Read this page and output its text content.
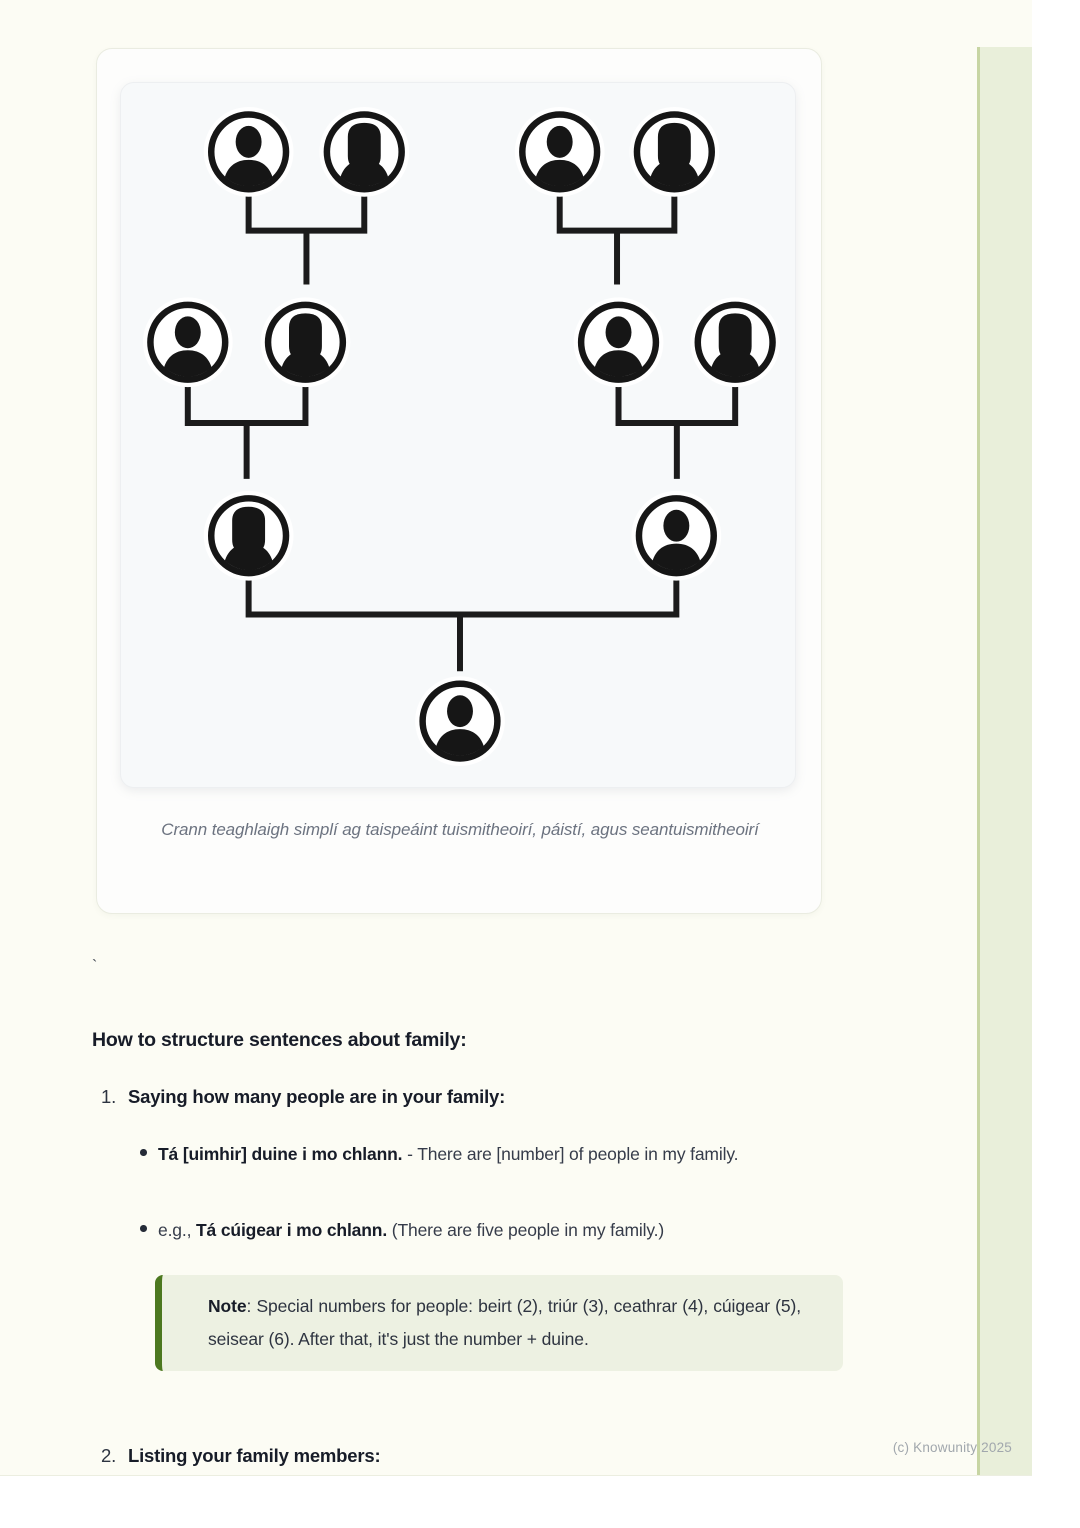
Crann teaghlaigh simplí ag taispeáint tuismitheoirí, páistí, agus seantuismitheoirí
`
How to structure sentences about family:
1. Saying how many people are in your family:
Tá [uimhir] duine i mo chlann. - There are [number] of people in my family.
e.g., Tá cúigear i mo chlann. (There are five people in my family.)
Note: Special numbers for people: beirt (2), triúr (3), ceathrar (4), cúigear (5), seisear (6). After that, it's just the number + duine.
2. Listing your family members:	(c) Knowunity 2025
